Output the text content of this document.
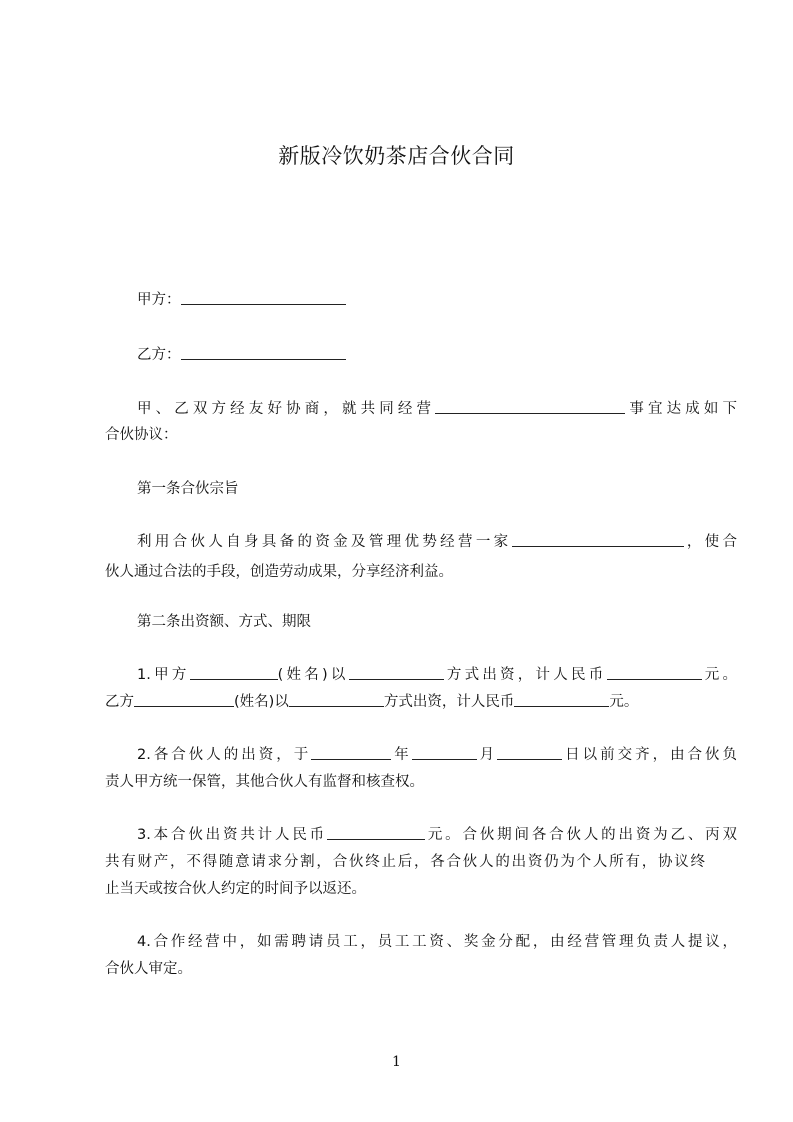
新版冷饮奶茶店合伙合同
甲方：
乙方：
甲、乙双方经友好协商，就共同经营	事宜达成如下
合伙协议：
第一条合伙宗旨
利用合伙人自身具备的资金及管理优势经营一家	，使合
伙人通过合法的手段，创造劳动成果，分享经济利益。
第二条出资额、方式、期限
1.甲方	(姓名)以	方式出资，计人民币	元。
乙方	(姓名)以	方式出资，计人民币	元。
2.各合伙人的出资，于	年	月	日以前交齐，由合伙负
责人甲方统一保管，其他合伙人有监督和核查权。
3.本合伙出资共计人民币	元。合伙期间各合伙人的出资为乙、丙双
共有财产，不得随意请求分割，合伙终止后，各合伙人的出资仍为个人所有，协议终
止当天或按合伙人约定的时间予以返还。
4.合作经营中，如需聘请员工，员工工资、奖金分配，由经营管理负责人提议，
合伙人审定。
1
